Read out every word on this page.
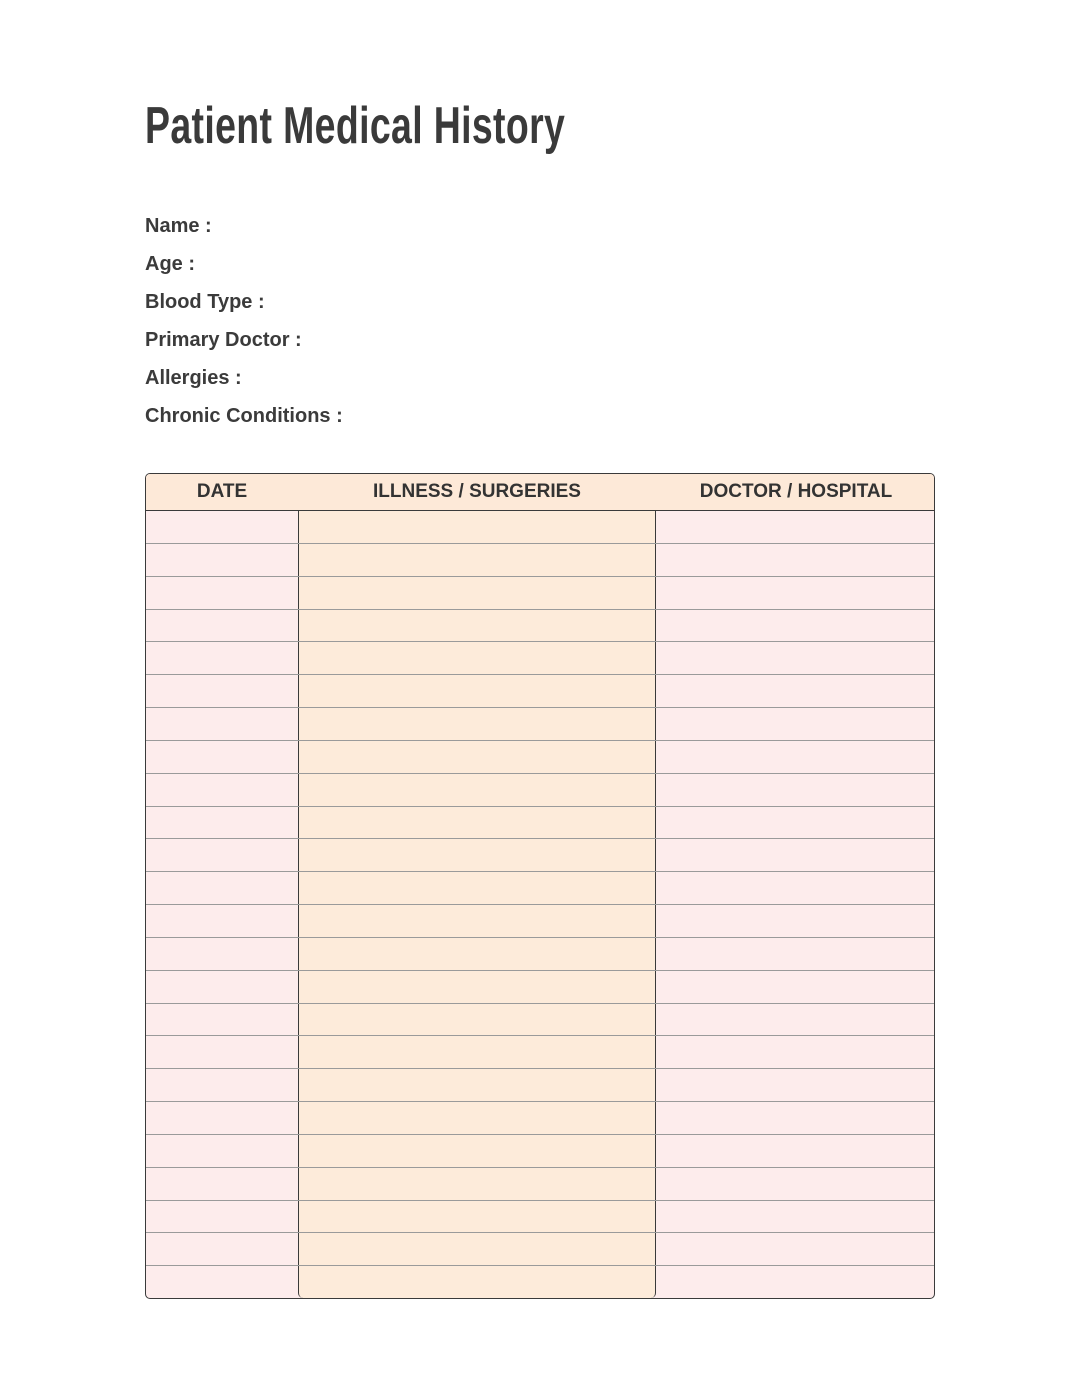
Patient Medical History
Name :
Age :
Blood Type :
Primary Doctor :
Allergies :
Chronic Conditions :
DATE	ILLNESS / SURGERIES	DOCTOR / HOSPITAL
